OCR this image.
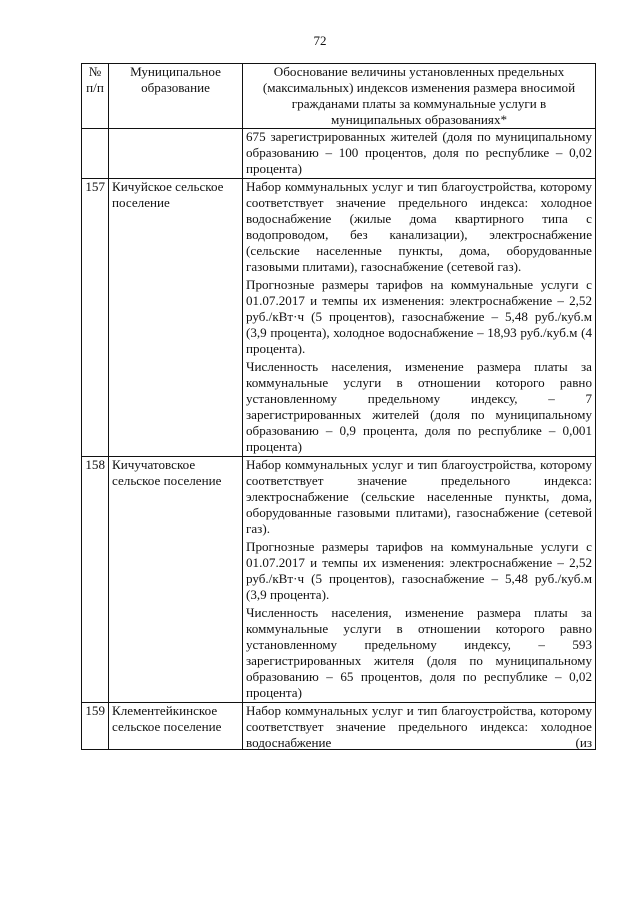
72
№ п/п	Муниципальное образование	Обоснование величины установленных предельных (максимальных) индексов изменения размера вносимой гражданами платы за коммунальные услуги в муниципальных образованиях*

		675 зарегистрированных жителей (доля по муниципальному образованию – 100 процентов, доля по республике – 0,02 процента)

157	Кичуйское сельское поселение	Набор коммунальных услуг и тип благоустройства, которому соответствует значение предельного индекса: холодное водоснабжение (жилые дома квартирного типа с водопроводом, без канализации), электроснабжение (сельские населенные пункты, дома, оборудованные газовыми плитами), газоснабжение (сетевой газ).
Прогнозные размеры тарифов на коммунальные услуги с 01.07.2017 и темпы их изменения: электроснабжение – 2,52 руб./кВт·ч (5 процентов), газоснабжение – 5,48 руб./куб.м (3,9 процента), холодное водоснабжение – 18,93 руб./куб.м (4 процента).
Численность населения, изменение размера платы за коммунальные услуги в отношении которого равно установленному предельному индексу, – 7 зарегистрированных жителей (доля по муниципальному образованию – 0,9 процента, доля по республике – 0,001 процента)

158	Кичучатовское сельское поселение	Набор коммунальных услуг и тип благоустройства, которому соответствует значение предельного индекса: электроснабжение (сельские населенные пункты, дома, оборудованные газовыми плитами), газоснабжение (сетевой газ).
Прогнозные размеры тарифов на коммунальные услуги с 01.07.2017 и темпы их изменения: электроснабжение – 2,52 руб./кВт·ч (5 процентов), газоснабжение – 5,48 руб./куб.м (3,9 процента).
Численность населения, изменение размера платы за коммунальные услуги в отношении которого равно установленному предельному индексу, – 593 зарегистрированных жителя (доля по муниципальному образованию – 65 процентов, доля по республике – 0,02 процента)

159	Клементейкинское сельское поселение	Набор коммунальных услуг и тип благоустройства, которому соответствует значение предельного индекса: холодное водоснабжение (из
